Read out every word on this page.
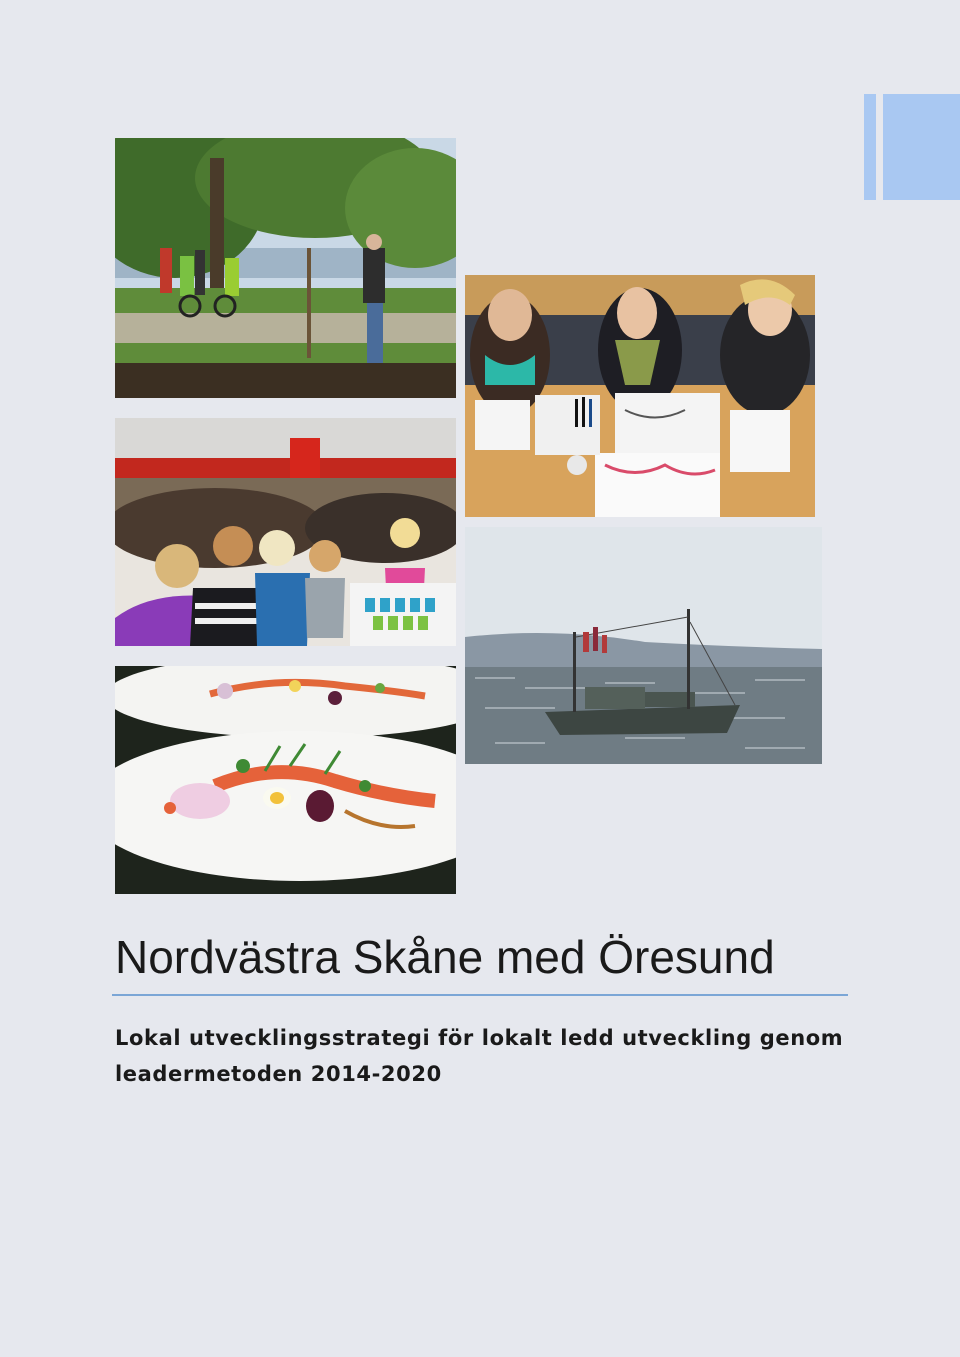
Nordvästra Skåne med Öresund

Lokal utvecklingsstrategi för lokalt ledd utveckling genom leadermetoden 2014-2020
